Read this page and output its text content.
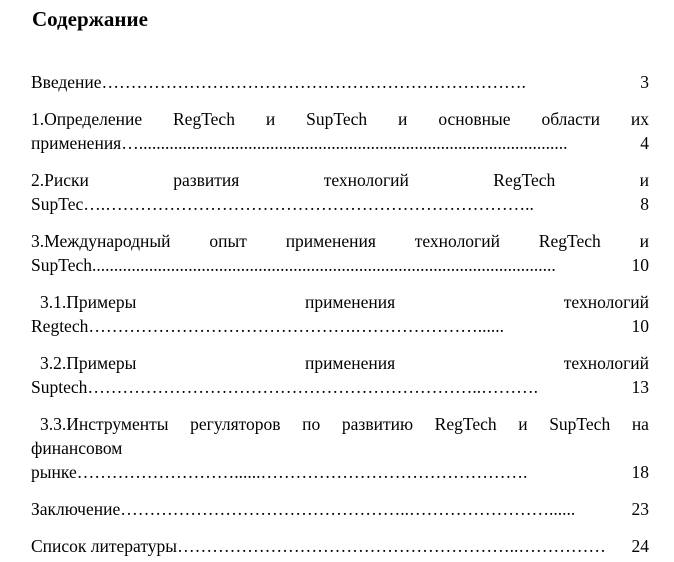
Содержание
Введение ……………………………………………………………….	3
1.Определение RegTech и SupTech и основные области их
применения… ..................................................................................................	4
2.Риски	развития	технологий	RegTech	и
SupTec…. ………………………………………………………………..	8
3.Международный опыт применения технологий RegTech и
SupTech ..........................................................................................................	10
3.1.Примеры	применения	технологий
Regtech ……………………………………….…………………......	10
3.2.Примеры	применения	технологий
Suptech …………………………………………………………..……….	13
3.3.Инструменты регуляторов по развитию RegTech и SupTech на
финансовом
рынке ………………………......……………………………………….	18
Заключение …………………………………………..……………………......	23
Список литературы …………………………………………………..……………	24
